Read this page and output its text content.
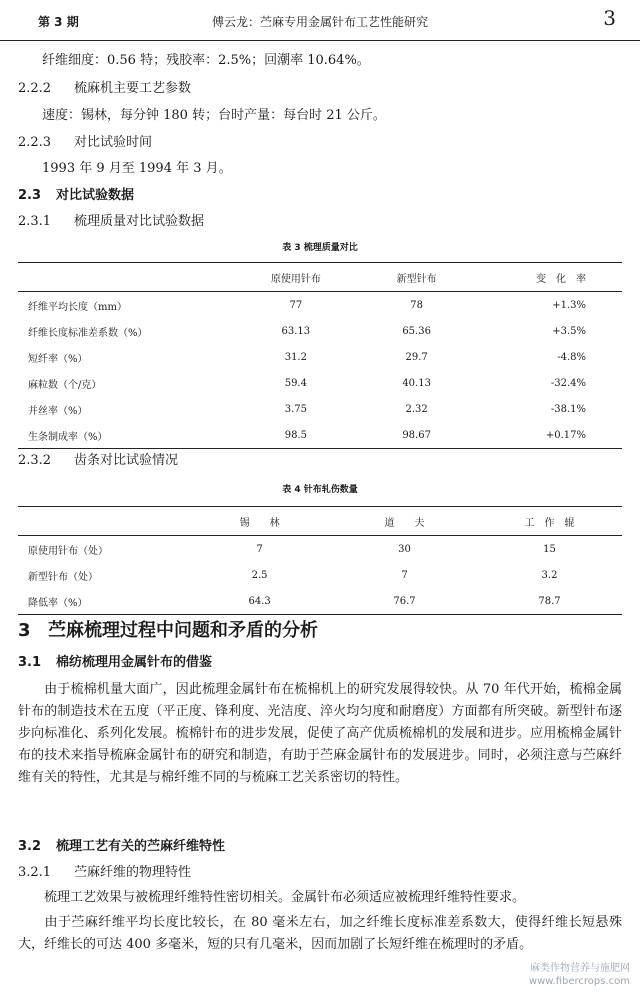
第 3 期	傅云龙：苎麻专用金属针布工艺性能研究	3
纤维细度：0.56 特；残胶率：2.5%；回潮率 10.64%。
2.2.2 梳麻机主要工艺参数
速度：锡林，每分钟 180 转；台时产量：每台时 21 公斤。
2.2.3 对比试验时间
1993 年 9 月至 1994 年 3 月。
2.3 对比试验数据
2.3.1 梳理质量对比试验数据
表 3 梳理质量对比
	原使用针布	新型针布	变　化　率
纤维平均长度（mm）	77	78	+1.3%
纤维长度标准差系数（%）	63.13	65.36	+3.5%
短纤率（%）	31.2	29.7	-4.8%
麻粒数（个/克）	59.4	40.13	-32.4%
并丝率（%）	3.75	2.32	-38.1%
生条制成率（%）	98.5	98.67	+0.17%
2.3.2 齿条对比试验情况
表 4 针布轧伤数量
	锡　　林	道　　夫	工　作　辊
原使用针布（处）	7	30	15
新型针布（处）	2.5	7	3.2
降低率（%）	64.3	76.7	78.7
3 苎麻梳理过程中问题和矛盾的分析
3.1 棉纺梳理用金属针布的借鉴
由于梳棉机量大面广，因此梳理金属针布在梳棉机上的研究发展得较快。从 70 年代开始，梳棉金属针布的制造技术在五度（平正度、锋利度、光洁度、淬火均匀度和耐磨度）方面都有所突破。新型针布逐步向标准化、系列化发展。梳棉针布的进步发展，促使了高产优质梳棉机的发展和进步。应用梳棉金属针布的技术来指导梳麻金属针布的研究和制造，有助于苎麻金属针布的发展进步。同时，必须注意与苎麻纤维有关的特性，尤其是与棉纤维不同的与梳麻工艺关系密切的特性。
3.2 梳理工艺有关的苎麻纤维特性
3.2.1 苎麻纤维的物理特性
梳理工艺效果与被梳理纤维特性密切相关。金属针布必须适应被梳理纤维特性要求。
由于苎麻纤维平均长度比较长，在 80 毫米左右，加之纤维长度标准差系数大，使得纤维长短悬殊大，纤维长的可达 400 多毫米，短的只有几毫米，因而加剧了长短纤维在梳理时的矛盾。
麻类作物营养与施肥网
www.fibercrops.com
